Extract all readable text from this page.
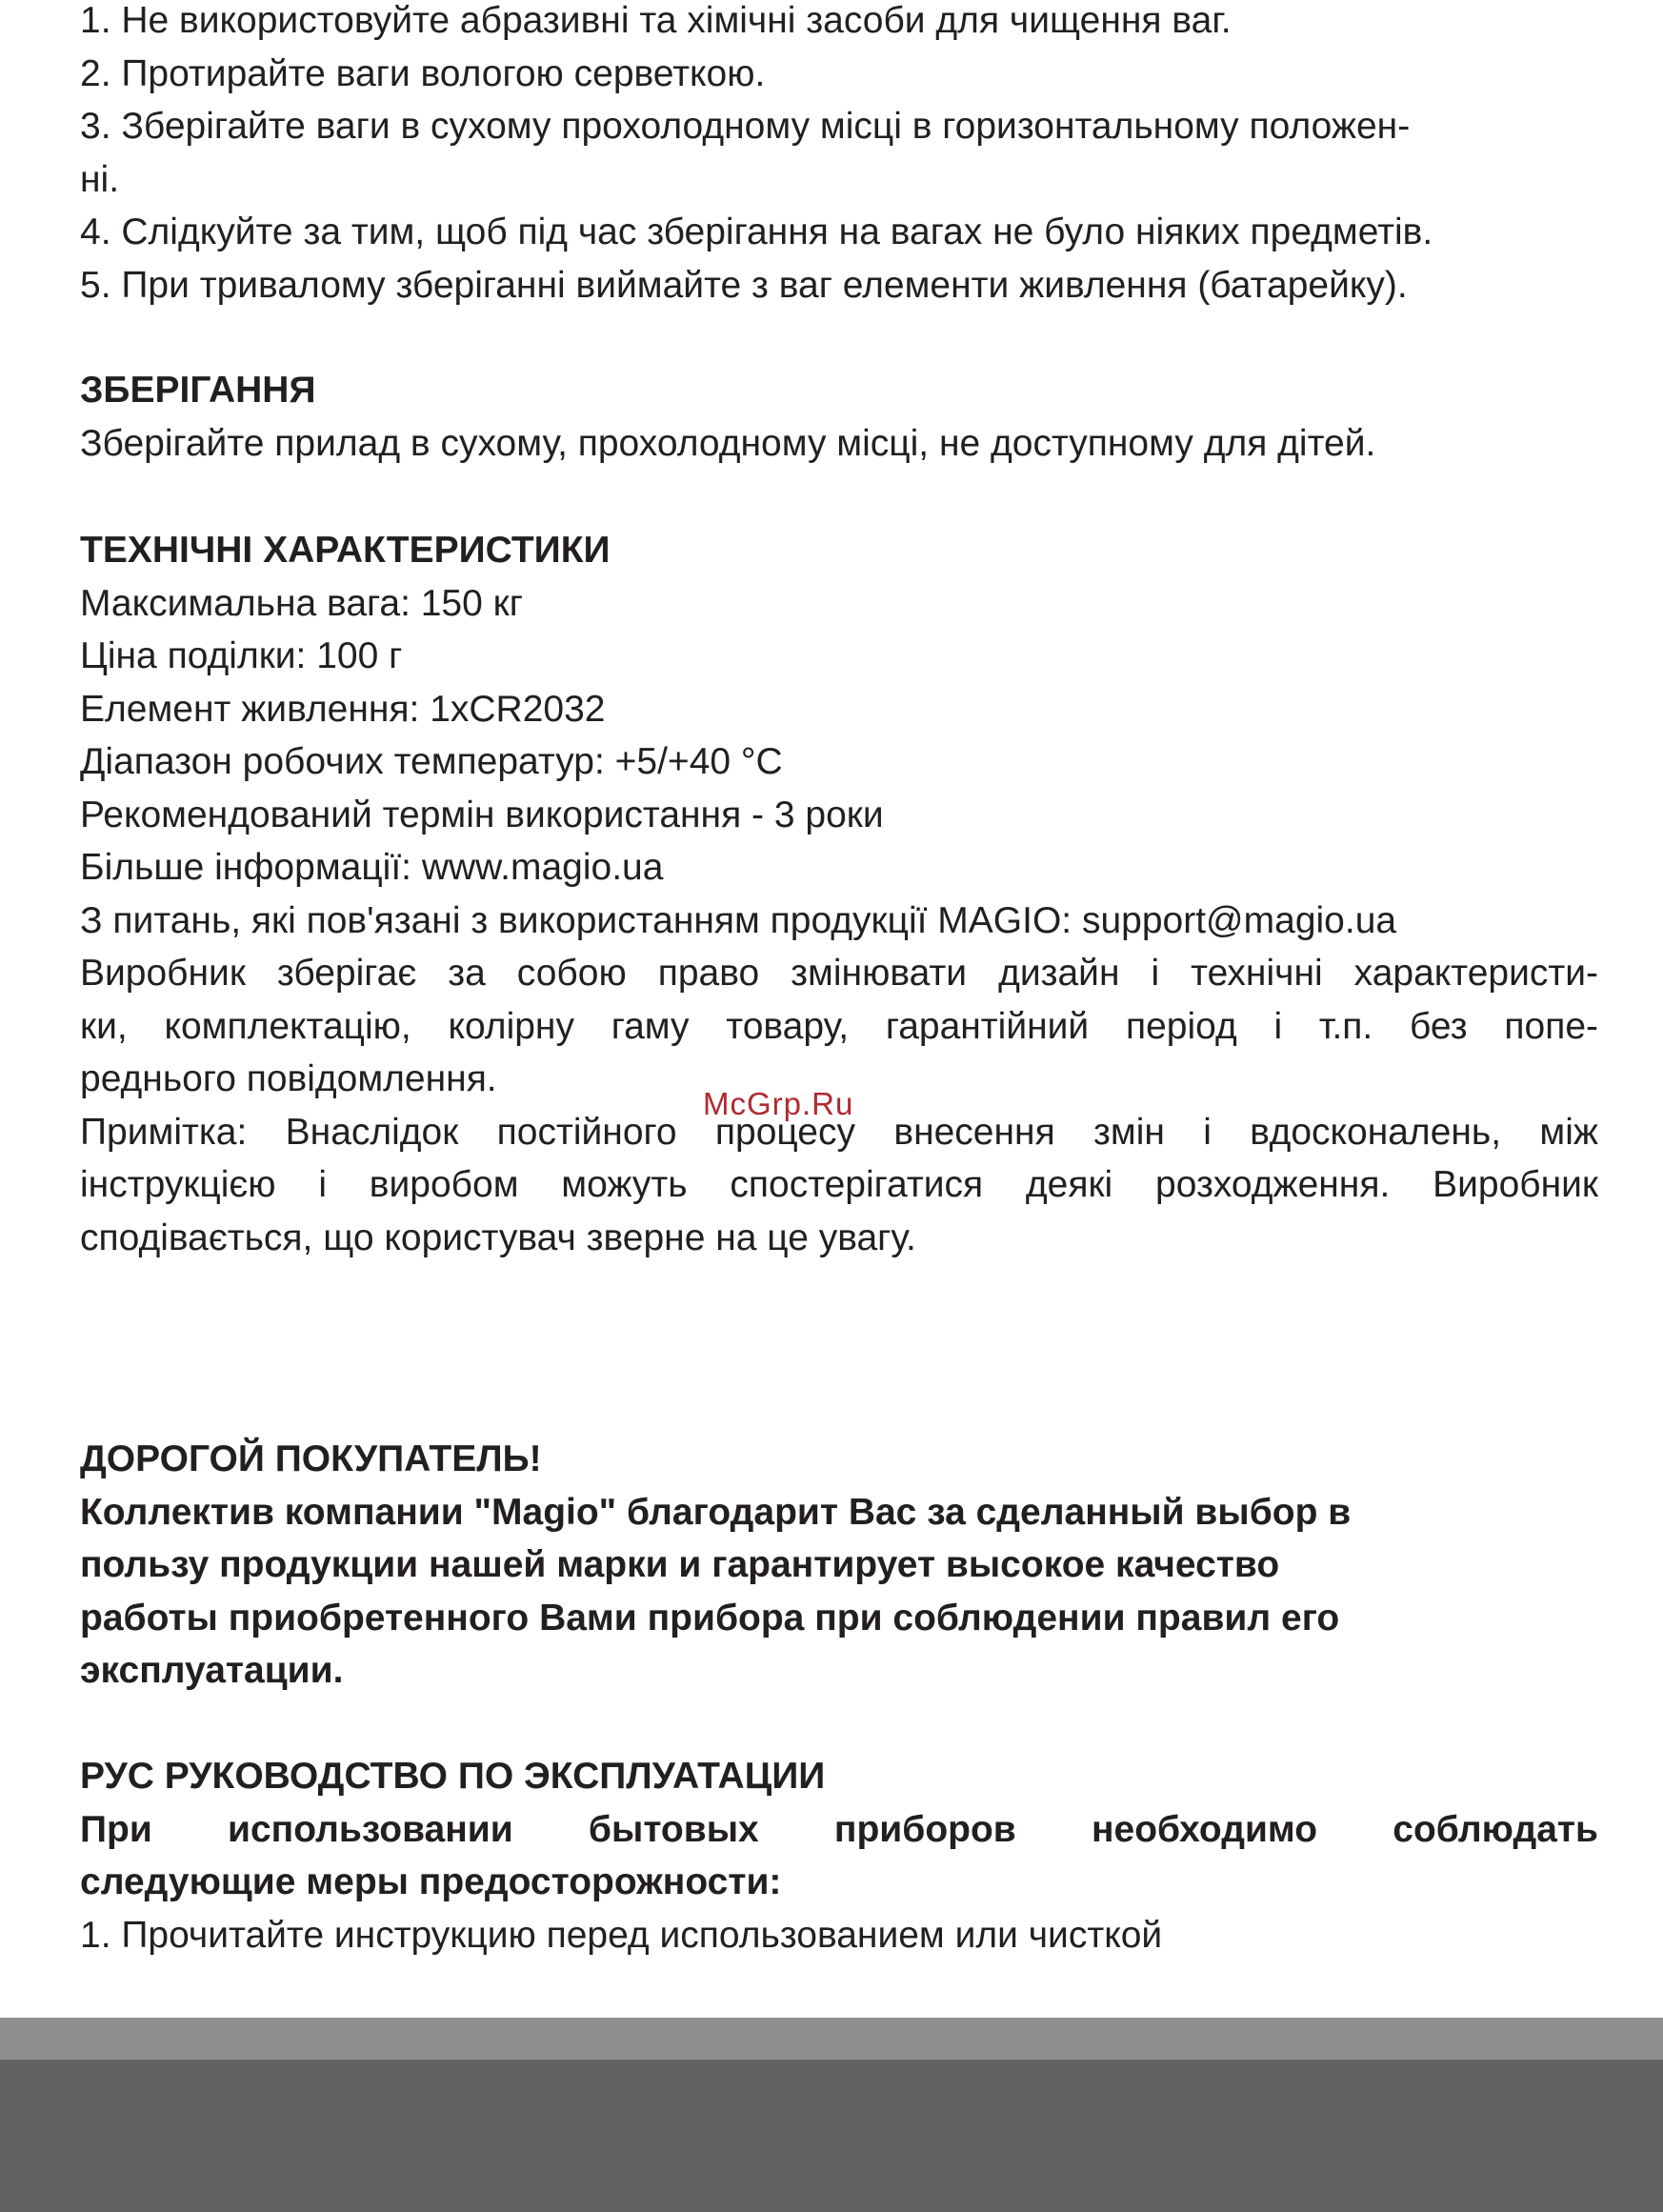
1. Не використовуйте абразивні та хімічні засоби для чищення ваг.

2. Протирайте ваги вологою серветкою.

3. Зберігайте ваги в сухому прохолодному місці в горизонтальному положен-

ні.

4. Слідкуйте за тим, щоб під час зберігання на вагах не було ніяких предметів.

5. При тривалому зберіганні виймайте з ваг елементи живлення (батарейку).

ЗБЕРІГАННЯ

Зберігайте прилад в сухому, прохолодному місці, не доступному для дітей.

ТЕХНІЧНІ ХАРАКТЕРИСТИКИ

Максимальна вага: 150 кг

Ціна поділки: 100 г

Елемент живлення: 1xCR2032

Діапазон робочих температур: +5/+40 °C

Рекомендований термін використання - 3 роки

Більше інформації: www.magio.ua

З питань, які пов'язані з використанням продукції MAGIO: support@magio.ua

Виробник зберігає за собою право змінювати дизайн і технічні характеристи-

ки, комплектацію, колірну гаму товару, гарантійний період і т.п. без попе-

реднього повідомлення.

Примітка: Внаслідок постійного процесу внесення змін і вдосконалень, між

інструкцією і виробом можуть спостерігатися деякі розходження. Виробник

сподівається, що користувач зверне на це увагу.

ДОРОГОЙ ПОКУПАТЕЛЬ!

Коллектив компании "Magio" благодарит Вас за сделанный выбор в

пользу продукции нашей марки и гарантирует высокое качество

работы приобретенного Вами прибора при соблюдении правил его

эксплуатации.

РУС РУКОВОДСТВО ПО ЭКСПЛУАТАЦИИ

При использовании бытовых приборов необходимо соблюдать

следующие меры предосторожности:

1. Прочитайте инструкцию перед использованием или чисткой

McGrp.Ru
